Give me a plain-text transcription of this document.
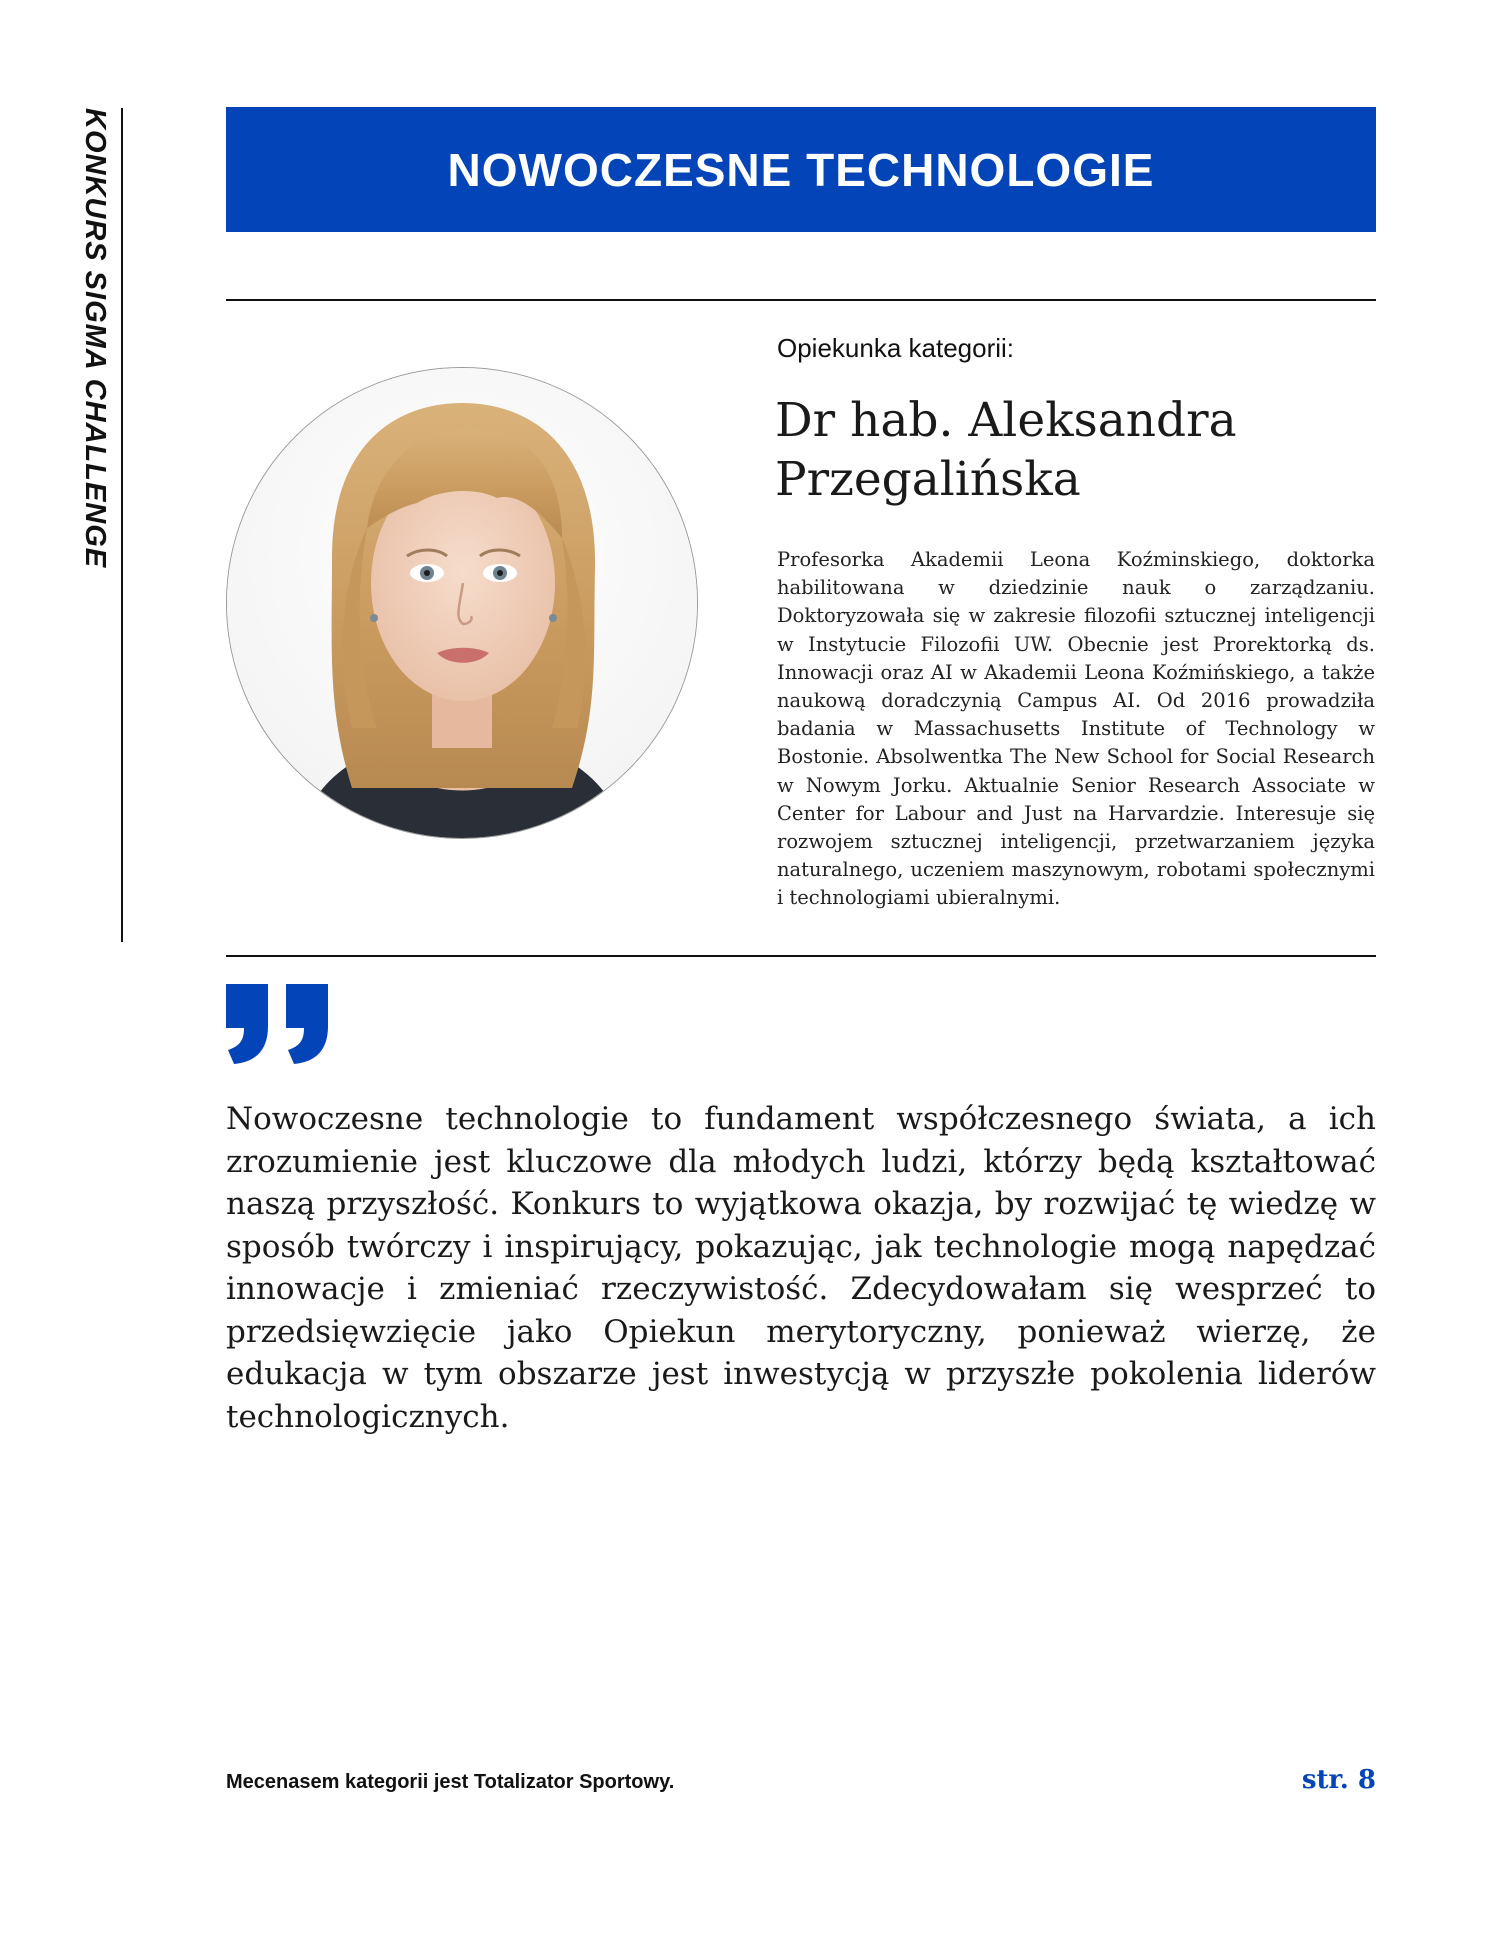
KONKURS SIGMA CHALLENGE	NOWOCZESNE TECHNOLOGIE
Opiekunka kategorii:
Dr hab. Aleksandra
Przegalińska
Profesorka Akademii Leona Koźminskiego, doktorka habilitowana w dziedzinie nauk o zarządzaniu. Doktoryzowała się w zakresie filozofii sztucznej inteligencji w Instytucie Filozofii UW. Obecnie jest Prorektorką ds. Innowacji oraz AI w Akademii Leona Koźmińskiego, a także naukową doradczynią Campus AI. Od 2016 prowadziła badania w Massachusetts Institute of Technology w Bostonie. Absolwentka The New School for Social Research w Nowym Jorku. Aktualnie Senior Research Associate w Center for Labour and Just na Harvardzie. Interesuje się rozwojem sztucznej inteligencji, przetwarzaniem języka naturalnego, uczeniem maszynowym, robotami społecznymi i technologiami ubieralnymi.
Nowoczesne technologie to fundament współczesnego świata, a ich zrozumienie jest kluczowe dla młodych ludzi, którzy będą kształtować naszą przyszłość. Konkurs to wyjątkowa okazja, by rozwijać tę wiedzę w sposób twórczy i inspirujący, pokazując, jak technologie mogą napędzać innowacje i zmieniać rzeczywistość. Zdecydowałam się wesprzeć to przedsięwzięcie jako Opiekun merytoryczny, ponieważ wierzę, że edukacja w tym obszarze jest inwestycją w przyszłe pokolenia liderów technologicznych.
Mecenasem kategorii jest Totalizator Sportowy.	str. 8
